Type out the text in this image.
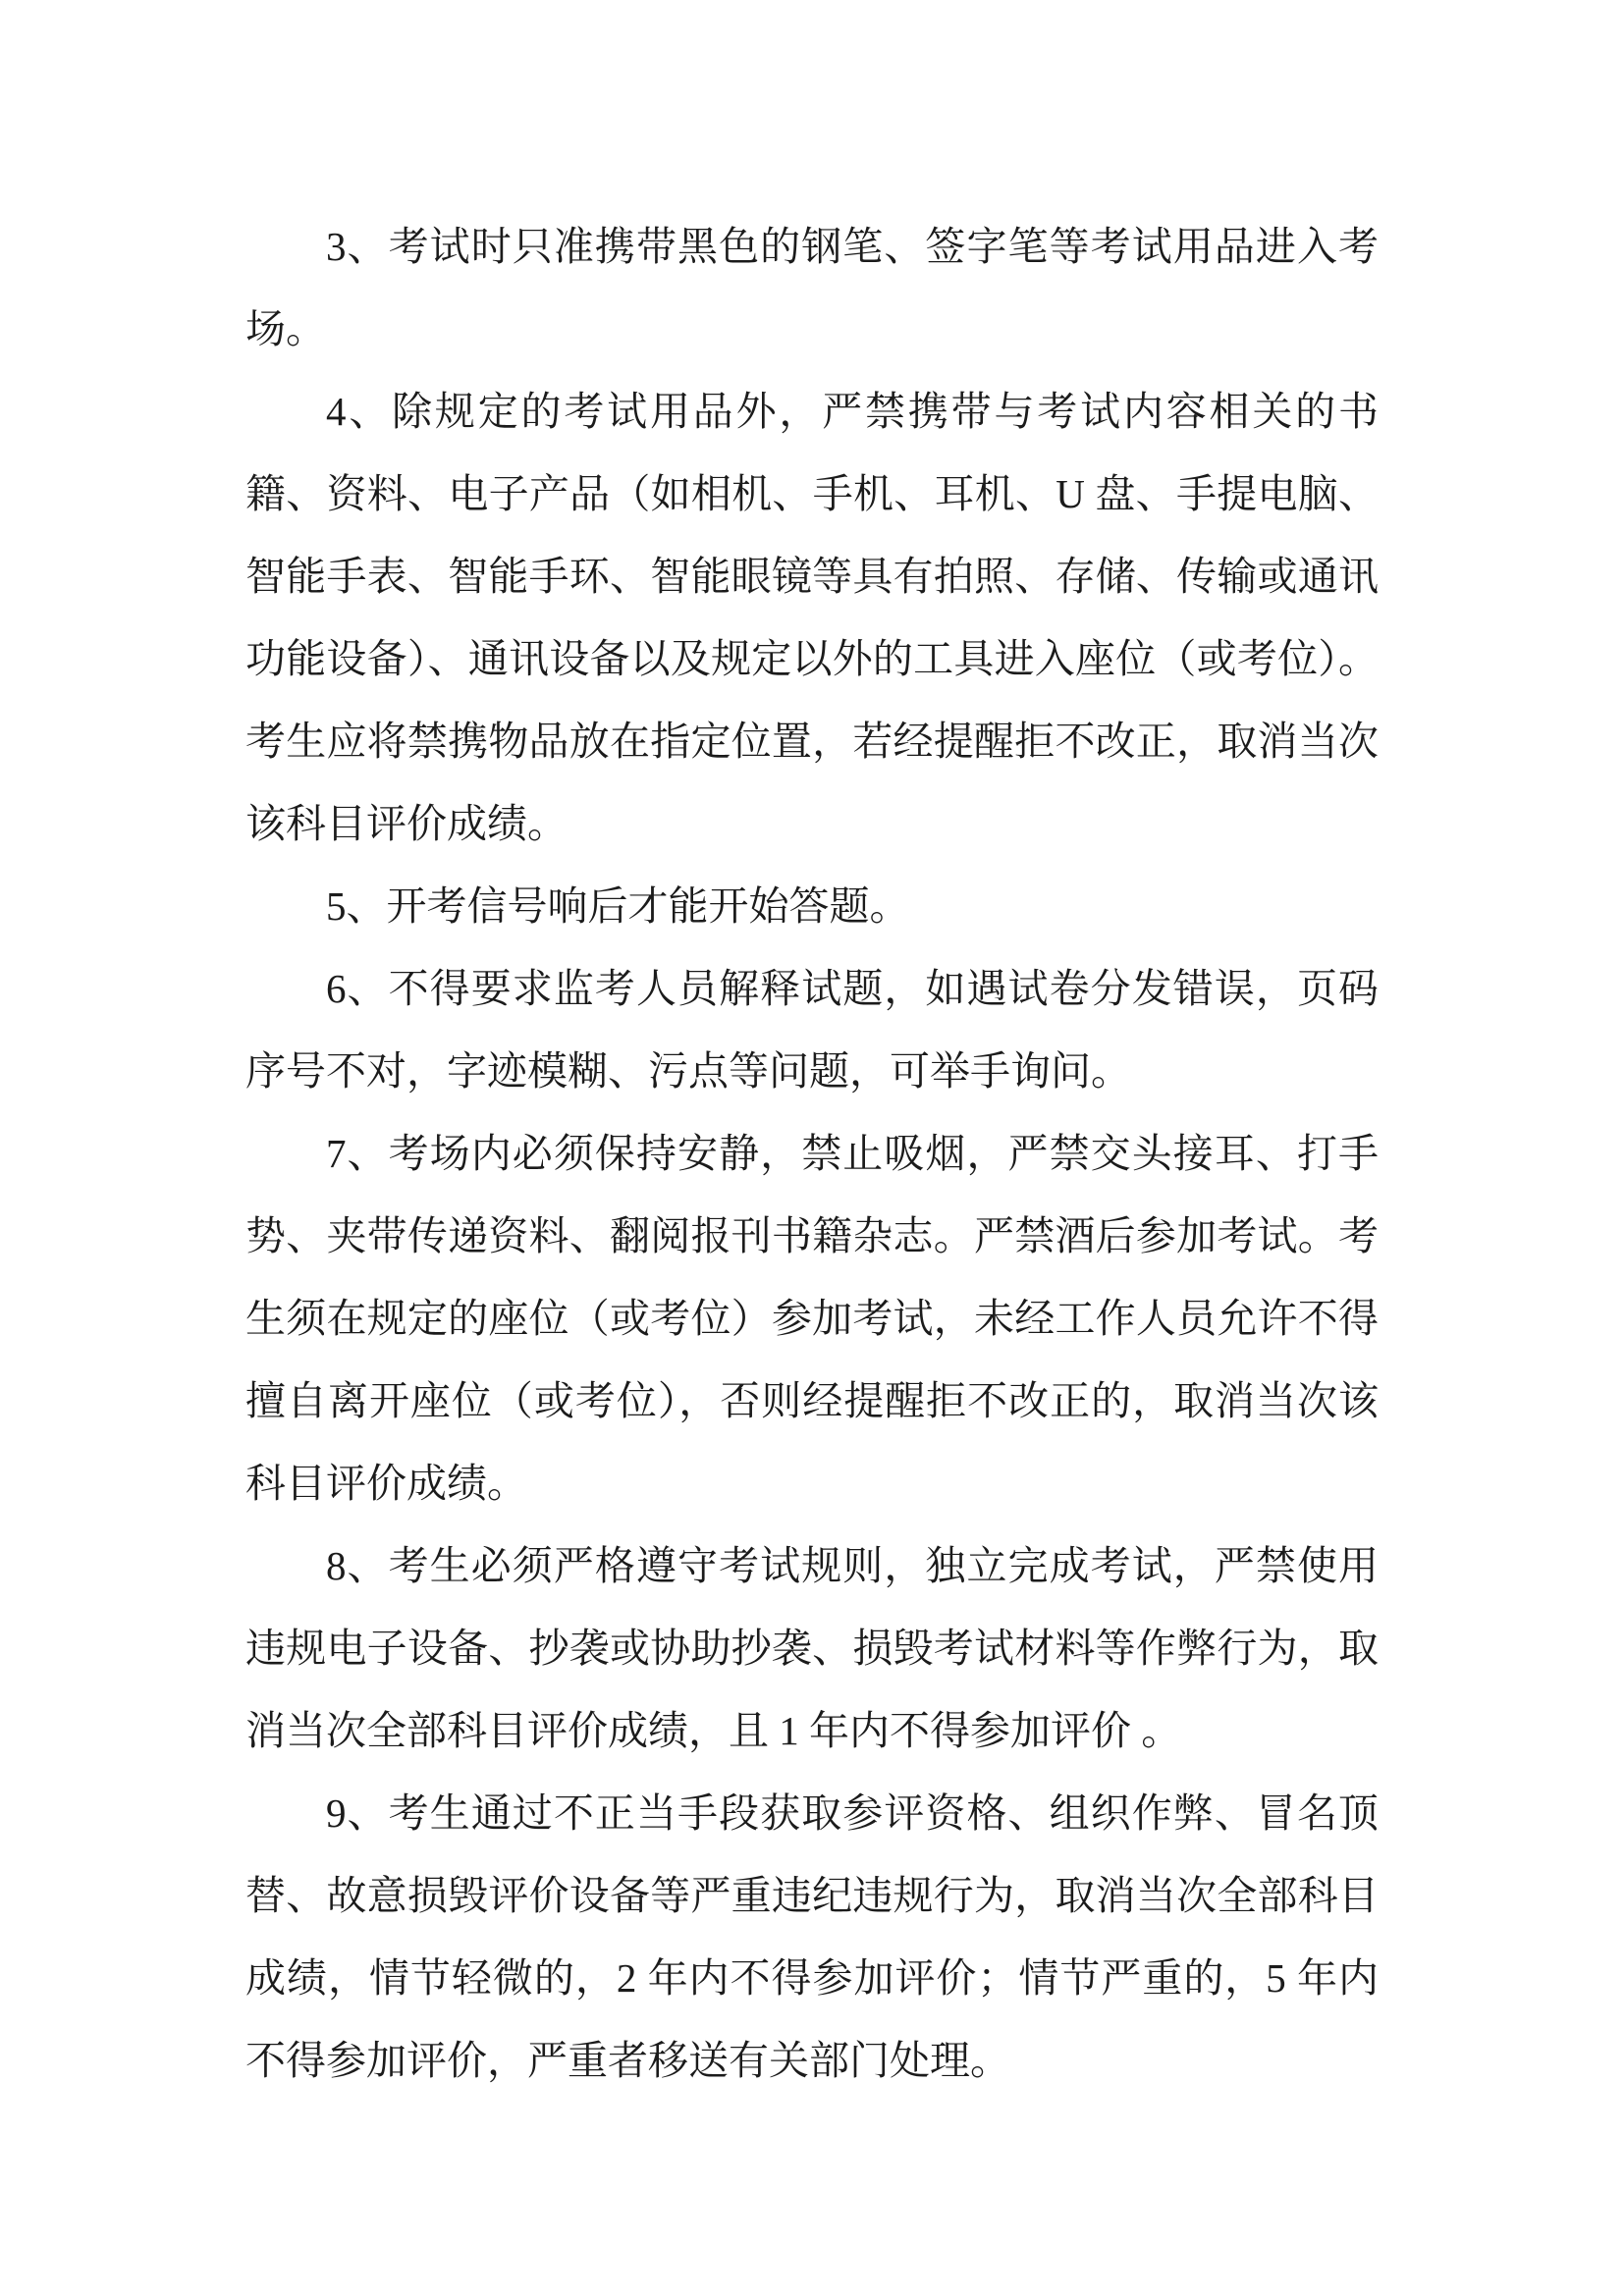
3、考试时只准携带黑色的钢笔、签字笔等考试用品进入考场。

4、除规定的考试用品外，严禁携带与考试内容相关的书籍、资料、电子产品（如相机、手机、耳机、U 盘、手提电脑、智能手表、智能手环、智能眼镜等具有拍照、存储、传输或通讯功能设备）、通讯设备以及规定以外的工具进入座位（或考位）。考生应将禁携物品放在指定位置，若经提醒拒不改正，取消当次该科目评价成绩。

5、开考信号响后才能开始答题。

6、不得要求监考人员解释试题，如遇试卷分发错误，页码序号不对，字迹模糊、污点等问题，可举手询问。

7、考场内必须保持安静，禁止吸烟，严禁交头接耳、打手势、夹带传递资料、翻阅报刊书籍杂志。严禁酒后参加考试。考生须在规定的座位（或考位）参加考试，未经工作人员允许不得擅自离开座位（或考位），否则经提醒拒不改正的，取消当次该科目评价成绩。

8、考生必须严格遵守考试规则，独立完成考试，严禁使用违规电子设备、抄袭或协助抄袭、损毁考试材料等作弊行为，取消当次全部科目评价成绩，且 1 年内不得参加评价 。

9、考生通过不正当手段获取参评资格、组织作弊、冒名顶替、故意损毁评价设备等严重违纪违规行为，取消当次全部科目成绩，情节轻微的，2 年内不得参加评价；情节严重的，5 年内不得参加评价，严重者移送有关部门处理。
